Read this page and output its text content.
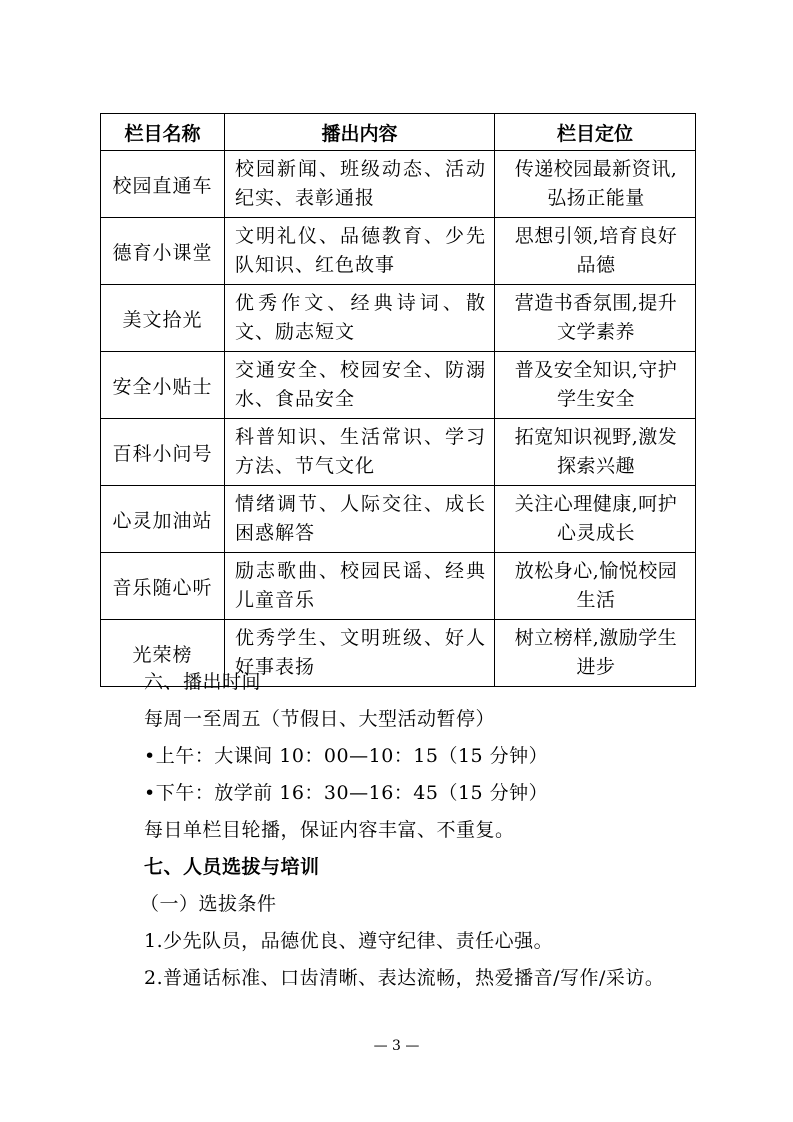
栏目名称	播出内容	栏目定位
校园直通车	校园新闻、班级动态、活动纪实、表彰通报	传递校园最新资讯,弘扬正能量
德育小课堂	文明礼仪、品德教育、少先队知识、红色故事	思想引领,培育良好品德
美文拾光	优秀作文、经典诗词、散文、励志短文	营造书香氛围,提升文学素养
安全小贴士	交通安全、校园安全、防溺水、食品安全	普及安全知识,守护学生安全
百科小问号	科普知识、生活常识、学习方法、节气文化	拓宽知识视野,激发探索兴趣
心灵加油站	情绪调节、人际交往、成长困惑解答	关注心理健康,呵护心灵成长
音乐随心听	励志歌曲、校园民谣、经典儿童音乐	放松身心,愉悦校园生活
光荣榜	优秀学生、文明班级、好人好事表扬	树立榜样,激励学生进步
六、播出时间
每周一至周五（节假日、大型活动暂停）
•上午：大课间 10：00—10：15（15 分钟）
•下午：放学前 16：30—16：45（15 分钟）
每日单栏目轮播，保证内容丰富、不重复。
七、人员选拔与培训
（一）选拔条件
1.少先队员，品德优良、遵守纪律、责任心强。
2.普通话标准、口齿清晰、表达流畅，热爱播音/写作/采访。
— 3 —
